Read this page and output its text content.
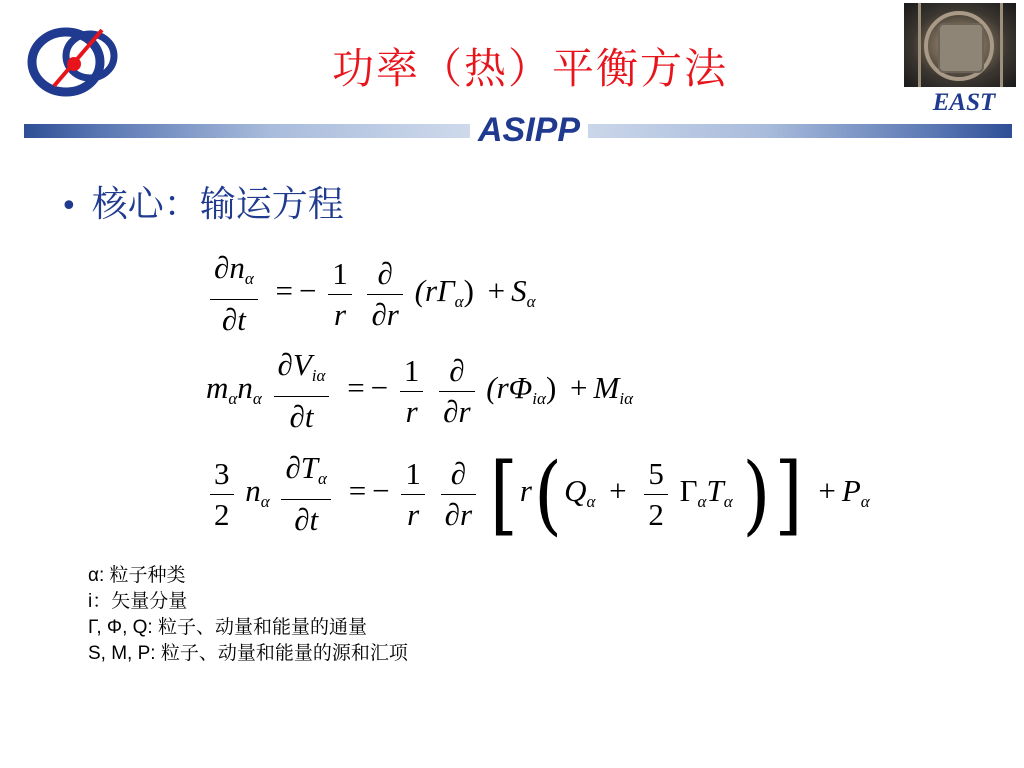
功率（热）平衡方法
EAST
ASIPP
• 核心：输运方程
$\frac{\partial n_\alpha}{\partial t}$ = − $\frac{1}{r}$
$\frac{\partial}{\partial r} (r\Gamma_\alpha) + S_\alpha$
$m_\alpha n_\alpha \frac{\partial V_{i\alpha}}{\partial t}$ = − $\frac{1}{r}$
$\frac{\partial}{\partial r} (r\Phi_{i\alpha}) + M_{i\alpha}$
$\frac{3}{2} n_\alpha \frac{\partial T_\alpha}{\partial t}$ = − $\frac{1}{r}$
$\frac{\partial}{\partial r} [r(Q_\alpha + \frac{5}{2} \Gamma_\alpha T_\alpha$ )] + $P_\alpha$
α: 粒子种类
i：矢量分量
Γ, Φ, Q: 粒子、动量和能量的通量
S, M, P: 粒子、动量和能量的源和汇项
